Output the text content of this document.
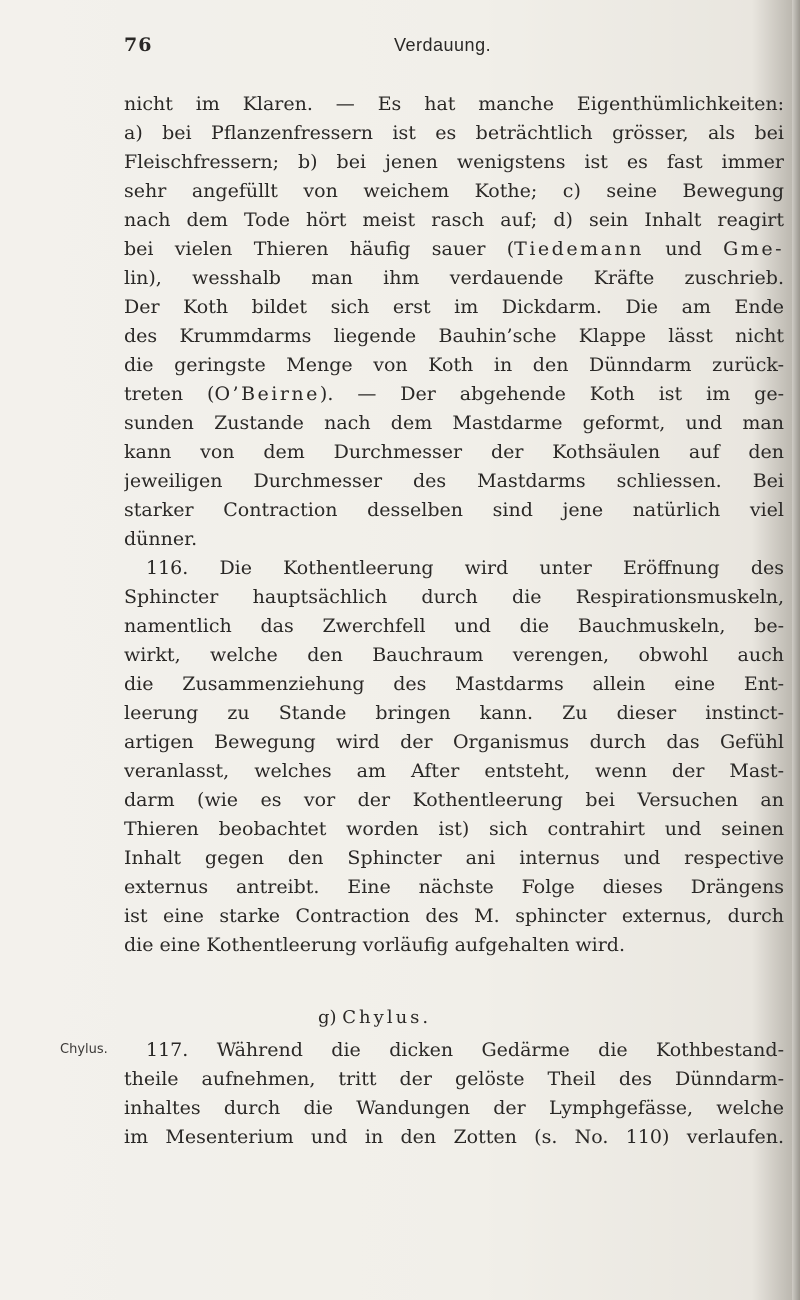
76	Verdauung.
nicht im Klaren. — Es hat manche Eigenthümlichkeiten:
a) bei Pflanzenfressern ist es beträchtlich grösser, als bei
Fleischfressern; b) bei jenen wenigstens ist es fast immer
sehr angefüllt von weichem Kothe; c) seine Bewegung
nach dem Tode hört meist rasch auf; d) sein Inhalt reagirt
bei vielen Thieren häufig sauer (Tiedemann und Gme-
lin), wesshalb man ihm verdauende Kräfte zuschrieb.
Der Koth bildet sich erst im Dickdarm. Die am Ende
des Krummdarms liegende Bauhin’sche Klappe lässt nicht
die geringste Menge von Koth in den Dünndarm zurück-
treten (O’Beirne). — Der abgehende Koth ist im ge-
sunden Zustande nach dem Mastdarme geformt, und man
kann von dem Durchmesser der Kothsäulen auf den
jeweiligen Durchmesser des Mastdarms schliessen. Bei
starker Contraction desselben sind jene natürlich viel
dünner.
116. Die Kothentleerung wird unter Eröffnung des
Sphincter hauptsächlich durch die Respirationsmuskeln,
namentlich das Zwerchfell und die Bauchmuskeln, be-
wirkt, welche den Bauchraum verengen, obwohl auch
die Zusammenziehung des Mastdarms allein eine Ent-
leerung zu Stande bringen kann. Zu dieser instinct-
artigen Bewegung wird der Organismus durch das Gefühl
veranlasst, welches am After entsteht, wenn der Mast-
darm (wie es vor der Kothentleerung bei Versuchen an
Thieren beobachtet worden ist) sich contrahirt und seinen
Inhalt gegen den Sphincter ani internus und respective
externus antreibt. Eine nächste Folge dieses Drängens
ist eine starke Contraction des M. sphincter externus, durch
die eine Kothentleerung vorläufig aufgehalten wird.
g) Chylus.
Chylus.	117. Während die dicken Gedärme die Kothbestand-
theile aufnehmen, tritt der gelöste Theil des Dünndarm-
inhaltes durch die Wandungen der Lymphgefässe, welche
im Mesenterium und in den Zotten (s. No. 110) verlaufen.
